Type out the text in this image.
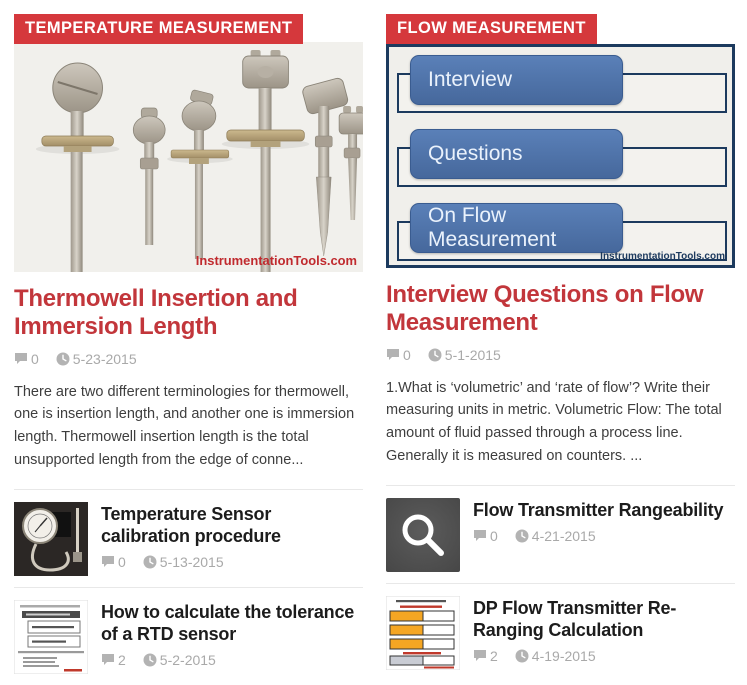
TEMPERATURE MEASUREMENT
InstrumentationTools.com
Thermowell Insertion and Immersion Length
0 5-23-2015

There are two different terminologies for thermowell, one is insertion length, and another one is immersion length. Thermowell insertion length is the total unsupported length from the edge of conne...

Temperature Sensor calibration procedure
0 5-13-2015
How to calculate the tolerance of a RTD sensor
2 5-2-2015
FLOW MEASUREMENT
Interview
Questions
On Flow Measurement
InstrumentationTools.com
Interview Questions on Flow Measurement
0 5-1-2015

1.What is ‘volumetric’ and ‘rate of flow’? Write their measuring units in metric. Volumetric Flow: The total amount of fluid passed through a process line. Generally it is measured on counters. ...

Flow Transmitter Rangeability
0 4-21-2015
DP Flow Transmitter Re-Ranging Calculation
2 4-19-2015
